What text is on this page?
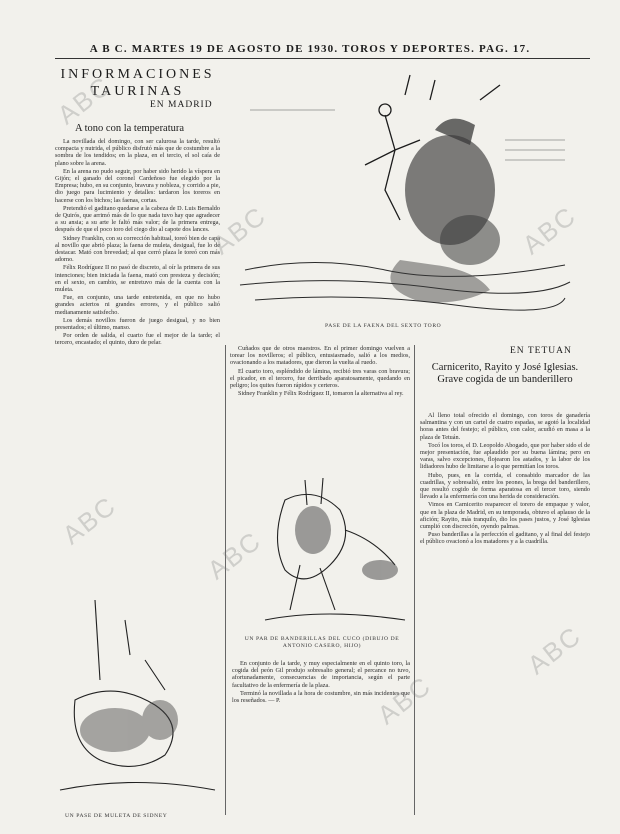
A B C. MARTES 19 DE AGOSTO DE 1930. TOROS Y DEPORTES. PAG. 17.
INFORMACIONES TAURINAS
EN MADRID
A tono con la temperatura

La novillada del domingo, con ser calurosa la tarde, resultó compacta y nutrida, el público disfrutó más que de costumbre a la sombra de los tendidos; en la plaza, en el tercio, el sol caía de plano sobre la arena.

En la arena no pudo seguir, por haber sido herido la víspera en Gijón; el ganado del coronel Cardeñoso fue elegido por la Empresa; hubo, en su conjunto, bravura y nobleza, y corrido a pie, dio juego para lucimiento y detalles: tardaron los toreros en hacerse con los bichos; las faenas, cortas.

Pretendió el gaditano quedarse a la cabeza de D. Luis Bernaldo de Quirós, que arrimó más de lo que nada tuvo hay que agradecer a su ansia; a su arte le faltó más valor; de la primera entrega, después de que el poco toro del ciego dio al capote dos lances.

Sidney Franklin, con su corrección habitual, toreó bien de capa al novillo que abrió plaza; la faena de muleta, desigual, fue lo de destacar. Mató con brevedad; al que cerró plaza le toreó con más adorno.

Félix Rodríguez II no pasó de discreto, al oír la primera de sus intenciones; bien iniciada la faena, mató con presteza y decisión; en el sexto, en cambio, se entretuvo más de la cuenta con la muleta.

Fue, en conjunto, una tarde entretenida, en que no hubo grandes aciertos ni grandes errores, y el público salió medianamente satisfecho.

Los demás novillos fueron de juego desigual, y no bien presentados; el último, manso.

Por orden de salida, el cuarto fue el mejor de la tarde; el tercero, encastado; el quinto, duro de pelar.

PASE DE LA FAENA DEL SEXTO TORO

Cuñados que de otros maestros. En el primer domingo vuelven a torear los novilleros; el público, entusiasmado, salió a los medios, ovacionando a los matadores, que dieron la vuelta al ruedo.

El cuarto toro, espléndido de lámina, recibió tres varas con bravura; el picador, en el tercero, fue derribado aparatosamente, quedando en peligro; los quites fueron rápidos y certeros.

Sidney Franklin y Félix Rodríguez II, tomaron la alternativa al rey.

UN PAR DE BANDERILLAS DEL CUCO (DIBUJO DE ANTONIO CASERO, HIJO)

En conjunto de la tarde, y muy especialmente en el quinto toro, la cogida del peón Gil produjo sobresalto general; el percance no tuvo, afortunadamente, consecuencias de importancia, según el parte facultativo de la enfermería de la plaza.

Terminó la novillada a la hora de costumbre, sin más incidentes que los reseñados. — P.

UN PASE DE MULETA DE SIDNEY
EN TETUAN
Carnicerito, Rayito y José Iglesias. Grave cogida de un banderillero

Al lleno total ofrecido el domingo, con toros de ganadería salmantina y con un cartel de cuatro espadas, se agotó la localidad horas antes del festejo; el público, con calor, acudió en masa a la plaza de Tetuán.

Tocó los toros, el D. Leopoldo Abogado, que por haber sido el de mejor presentación, fue aplaudido por su buena lámina; pero en varas, salvo excepciones, flojearon los astados, y la labor de los lidiadores hubo de limitarse a lo que permitían los toros.

Hubo, pues, en la corrida, el consabido marcador de las cuadrillas, y sobresalió, entre los peones, la brega del banderillero, que resultó cogido de forma aparatosa en el tercer toro, siendo llevado a la enfermería con una herida de consideración.

Vimos en Carnicerito reaparecer el torero de empaque y valor, que en la plaza de Madrid, en su temporada, obtuvo el aplauso de la afición; Rayito, más tranquilo, dio los pases justos, y José Iglesias cumplió con discreción, oyendo palmas.

Puso banderillas a la perfección el gaditano, y al final del festejo el público ovacionó a los matadores y a la cuadrilla.

ABC
ABC	ABC
ABC
ABC
ABC
ABC
